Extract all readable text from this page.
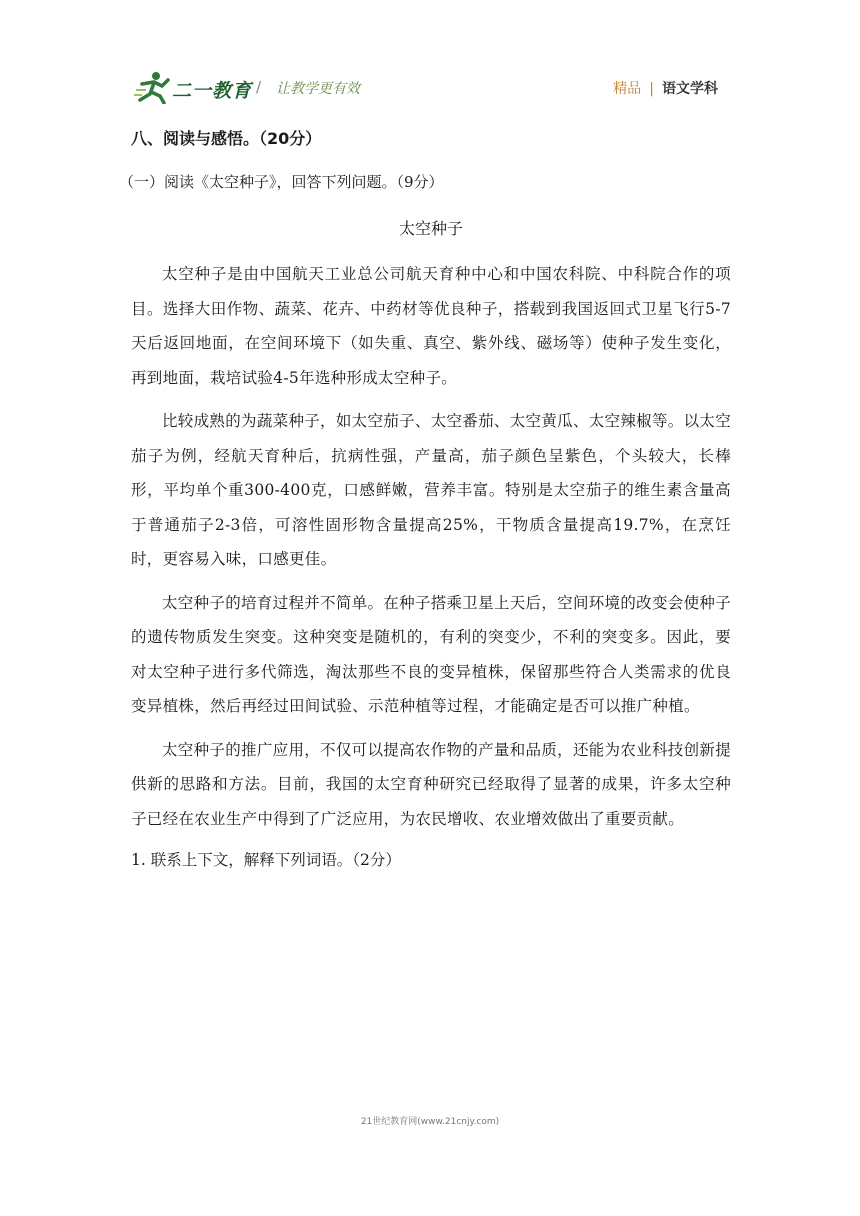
二一教育 / 让教学更有效	精品 | 语文学科
八、阅读与感悟。（20分）
（一）阅读《太空种子》，回答下列问题。（9分）
太空种子

太空种子是由中国航天工业总公司航天育种中心和中国农科院、中科院合作的项目。选择大田作物、蔬菜、花卉、中药材等优良种子，搭载到我国返回式卫星飞行5-7天后返回地面，在空间环境下（如失重、真空、紫外线、磁场等）使种子发生变化，再到地面，栽培试验4-5年选种形成太空种子。

比较成熟的为蔬菜种子，如太空茄子、太空番茄、太空黄瓜、太空辣椒等。以太空茄子为例，经航天育种后，抗病性强，产量高，茄子颜色呈紫色，个头较大，长棒形，平均单个重300-400克，口感鲜嫩，营养丰富。特别是太空茄子的维生素含量高于普通茄子2-3倍，可溶性固形物含量提高25%，干物质含量提高19.7%，在烹饪时，更容易入味，口感更佳。

太空种子的培育过程并不简单。在种子搭乘卫星上天后，空间环境的改变会使种子的遗传物质发生突变。这种突变是随机的，有利的突变少，不利的突变多。因此，要对太空种子进行多代筛选，淘汰那些不良的变异植株，保留那些符合人类需求的优良变异植株，然后再经过田间试验、示范种植等过程，才能确定是否可以推广种植。

太空种子的推广应用，不仅可以提高农作物的产量和品质，还能为农业科技创新提供新的思路和方法。目前，我国的太空育种研究已经取得了显著的成果，许多太空种子已经在农业生产中得到了广泛应用，为农民增收、农业增效做出了重要贡献。

1. 联系上下文，解释下列词语。（2分）
21世纪教育网(www.21cnjy.com)
